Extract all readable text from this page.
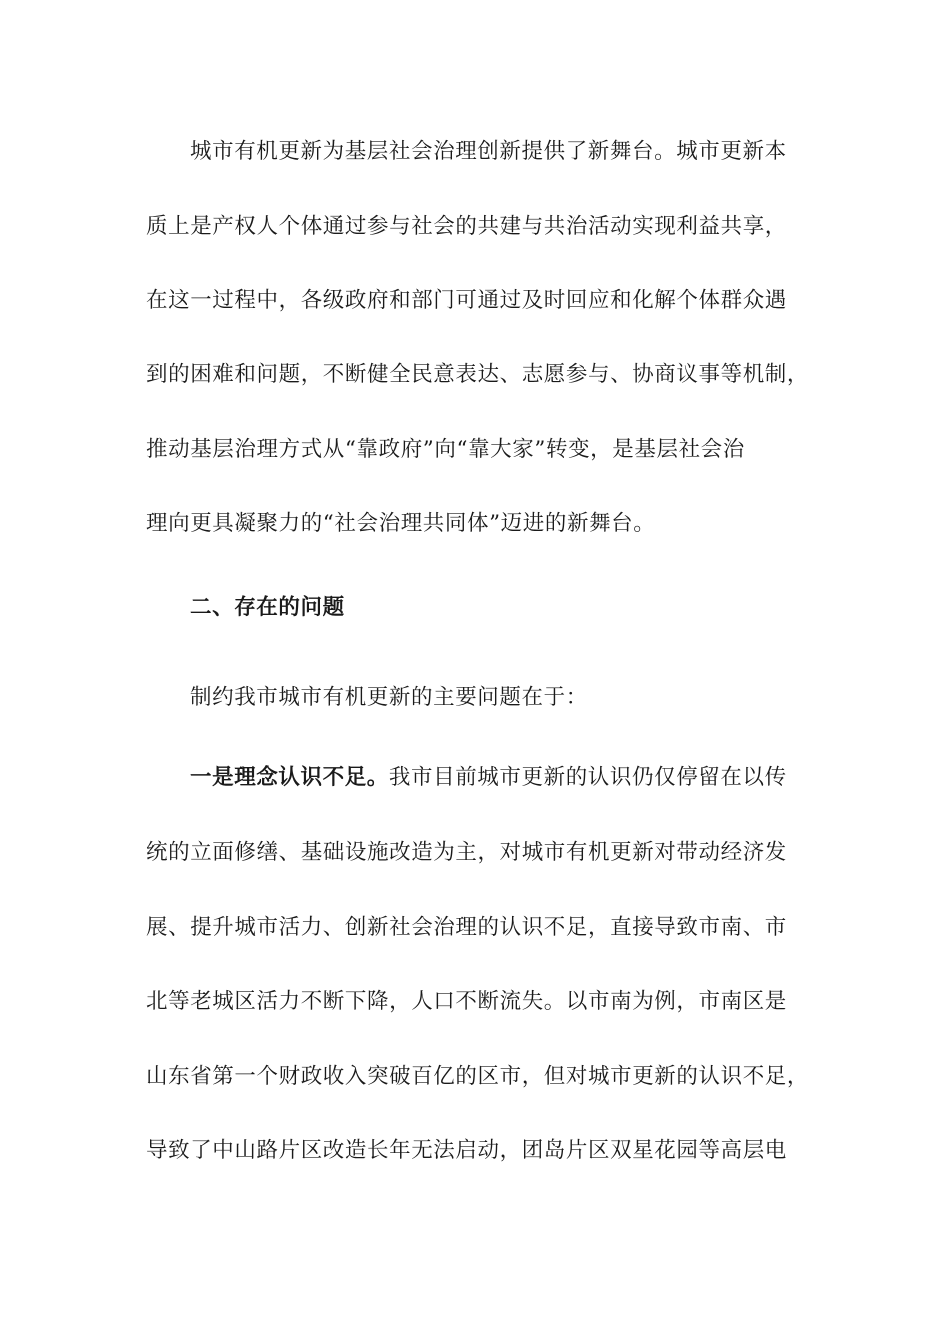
城市有机更新为基层社会治理创新提供了新舞台。城市更新本
质上是产权人个体通过参与社会的共建与共治活动实现利益共享，
在这一过程中，各级政府和部门可通过及时回应和化解个体群众遇
到的困难和问题，不断健全民意表达、志愿参与、协商议事等机制，
推动基层治理方式从“靠政府”向“靠大家”转变，是基层社会治
理向更具凝聚力的“社会治理共同体”迈进的新舞台。
二、存在的问题
制约我市城市有机更新的主要问题在于：
一是理念认识不足。我市目前城市更新的认识仍仅停留在以传
统的立面修缮、基础设施改造为主，对城市有机更新对带动经济发
展、提升城市活力、创新社会治理的认识不足，直接导致市南、市
北等老城区活力不断下降，人口不断流失。以市南为例，市南区是
山东省第一个财政收入突破百亿的区市，但对城市更新的认识不足，
导致了中山路片区改造长年无法启动，团岛片区双星花园等高层电
